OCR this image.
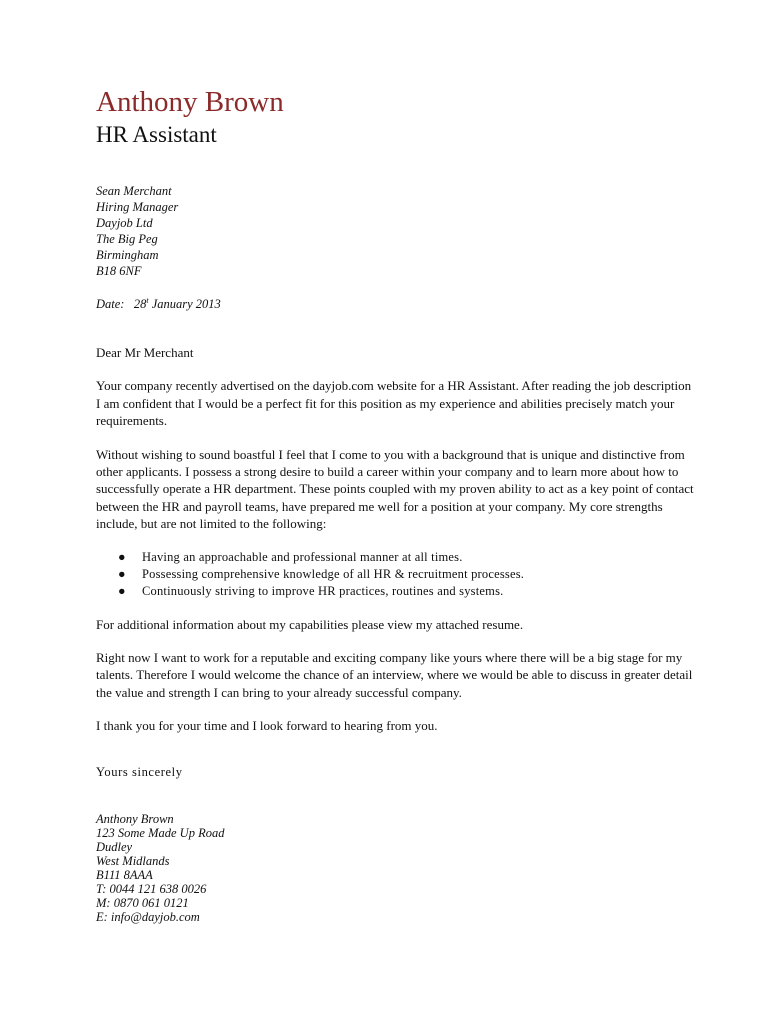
Anthony Brown
HR Assistant
Sean Merchant
Hiring Manager
Dayjob Ltd
The Big Peg
Birmingham
B18 6NF
Date: 28$^t$ January 2013

Dear Mr Merchant

Your company recently advertised on the dayjob.com website for a HR Assistant. After reading the job description I am confident that I would be a perfect fit for this position as my experience and abilities precisely match your requirements.

Without wishing to sound boastful I feel that I come to you with a background that is unique and distinctive from other applicants. I possess a strong desire to build a career within your company and to learn more about how to successfully operate a HR department. These points coupled with my proven ability to act as a key point of contact between the HR and payroll teams, have prepared me well for a position at your company. My core strengths include, but are not limited to the following:

● Having an approachable and professional manner at all times.
● Possessing comprehensive knowledge of all HR & recruitment processes.
● Continuously striving to improve HR practices, routines and systems.

For additional information about my capabilities please view my attached resume.

Right now I want to work for a reputable and exciting company like yours where there will be a big stage for my talents. Therefore I would welcome the chance of an interview, where we would be able to discuss in greater detail the value and strength I can bring to your already successful company.

I thank you for your time and I look forward to hearing from you.

Yours sincerely
Anthony Brown
123 Some Made Up Road
Dudley
West Midlands
B111 8AAA
T: 0044 121 638 0026
M: 0870 061 0121
E: info@dayjob.com
